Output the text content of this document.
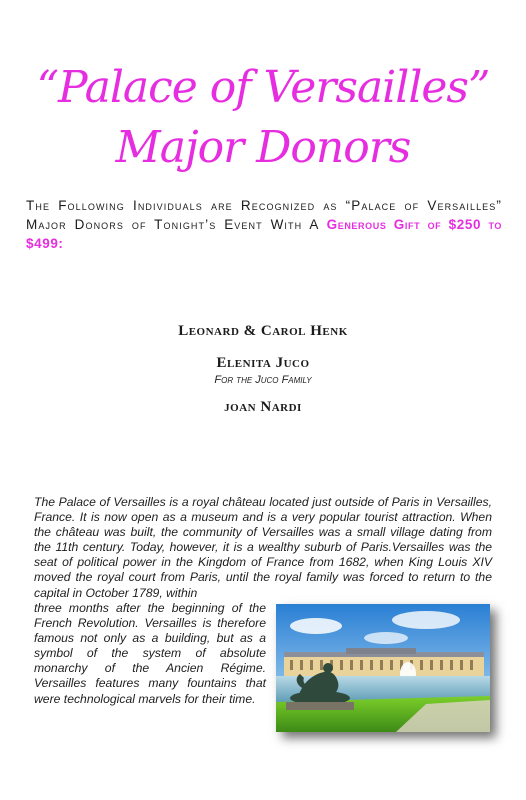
“Palace of Versailles”
Major Donors
The Following Individuals are Recognized as “Palace of Versailles” Major Donors of Tonight’s Event With A Generous Gift of $250 to $499:
Leonard & Carol Henk
Elenita Juco
For the Juco Family
joan Nardi
The Palace of Versailles is a royal château located just outside of Paris in Versailles, France. It is now open as a museum and is a very popular tourist attraction. When the château was built, the community of Versailles was a small village dating from the 11th century. Today, however, it is a wealthy suburb of Paris.Versailles was the seat of political power in the Kingdom of France from 1682, when King Louis XIV moved the royal court from Paris, until the royal family was forced to return to the capital in October 1789, within
three months after the beginning of the French Revolution. Versailles is therefore famous not only as a building, but as a symbol of the system of absolute monarchy of the Ancien Régime. Versailles features many fountains that were technological marvels for their time.
